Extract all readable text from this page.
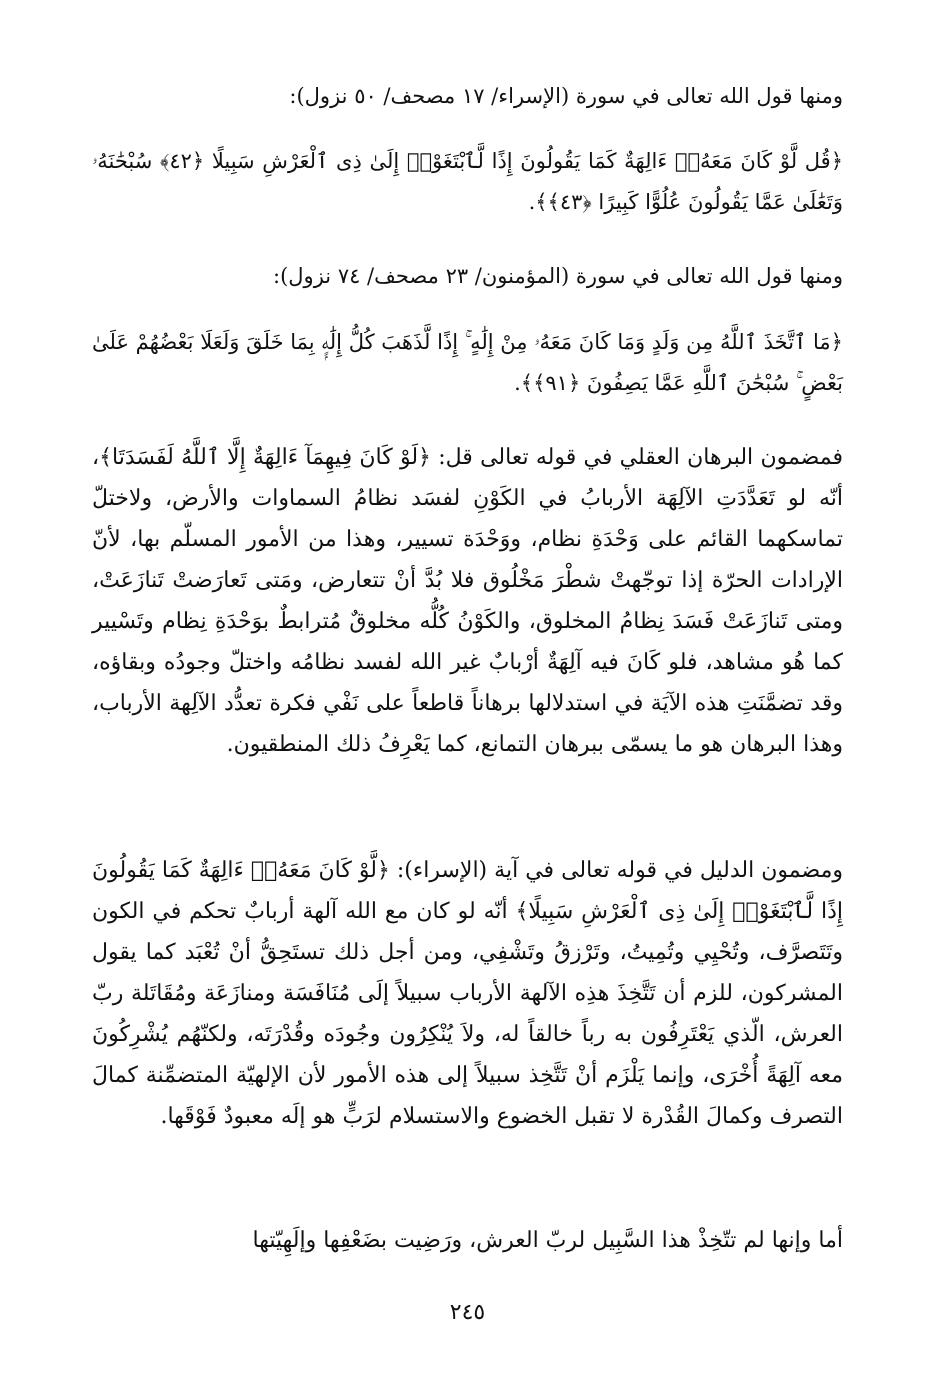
ومنها قول الله تعالى في سورة (الإسراء/ ١٧ مصحف/ ٥٠ نزول):
﴿قُل لَّوْ كَانَ مَعَهُۥٓ ءَالِهَةٌ كَمَا يَقُولُونَ إِذًا لَّٱبْتَغَوْا۟ إِلَىٰ ذِى ٱلْعَرْشِ سَبِيلًا ﴿٤٢﴾ سُبْحَٰنَهُۥ وَتَعَٰلَىٰ عَمَّا يَقُولُونَ عُلُوًّا كَبِيرًا ﴿٤٣﴾﴾.
ومنها قول الله تعالى في سورة (المؤمنون/ ٢٣ مصحف/ ٧٤ نزول):
﴿مَا ٱتَّخَذَ ٱللَّهُ مِن وَلَدٍ وَمَا كَانَ مَعَهُۥ مِنْ إِلَٰهٍ ۚ إِذًا لَّذَهَبَ كُلُّ إِلَٰهٍۭ بِمَا خَلَقَ وَلَعَلَا بَعْضُهُمْ عَلَىٰ بَعْضٍ ۚ سُبْحَٰنَ ٱللَّهِ عَمَّا يَصِفُونَ ﴿٩١﴾﴾.
فمضمون البرهان العقلي في قوله تعالى قل: ﴿لَوْ كَانَ فِيهِمَآ ءَالِهَةٌ إِلَّا ٱللَّهُ لَفَسَدَتَا﴾، أنّه لو تَعَدَّدَتِ الآلِهَة الأربابُ في الكَوْنِ لفسَد نظامُ السماوات والأرض، ولاختلّ تماسكهما القائم على وَحْدَةِ نظام، ووَحْدَة تسيير، وهذا من الأمور المسلّم بها، لأنّ الإرادات الحرّة إذا توجّهتْ شطْرَ مَخْلُوق فلا بُدَّ أنْ تتعارض، ومَتى تَعارَضتْ تَنازَعَتْ، ومتى تَنازَعَتْ فَسَدَ نِظامُ المخلوق، والكَوْنُ كُلُّه مخلوقٌ مُترابطٌ بوَحْدَةِ نِظام وتَسْيير كما هُو مشاهد، فلو كَانَ فيه آلِهَةٌ أرْبابٌ غير الله لفسد نظامُه واختلّ وجودُه وبقاؤه، وقد تضمَّنَتِ هذه الآيَة في استدلالها برهاناً قاطعاً على نَفْي فكرة تعدُّد الآلِهة الأرباب، وهذا البرهان هو ما يسمّى ببرهان التمانع، كما يَعْرِفُ ذلك المنطقيون.
ومضمون الدليل في قوله تعالى في آية (الإسراء): ﴿لَّوْ كَانَ مَعَهُۥٓ ءَالِهَةٌ كَمَا يَقُولُونَ إِذًا لَّٱبْتَغَوْا۟ إِلَىٰ ذِى ٱلْعَرْشِ سَبِيلًا﴾ أنّه لو كان مع الله آلهة أربابٌ تحكم في الكون وتَتَصرَّف، وتُحْيِي وتُمِيتُ، وتَرْزقُ وتَشْفِي، ومن أجل ذلك تستَحِقُّ أنْ تُعْبَد كما يقول المشركون، للزم أن تَتَّخِذَ هذِه الآلهة الأرباب سبيلاً إلَى مُنَافَسَة ومنازَعَة ومُقَاتَلة ربّ العرش، الّذي يَعْتَرِفُون به رباً خالقاً له، ولاَ يُنْكِرُون وجُودَه وقُدْرَتَه، ولكنّهُم يُشْرِكُونَ معه آلِهَةً أُخْرَى، وإنما يَلْزَم أنْ تَتَّخِذ سبيلاً إلى هذه الأمور لأن الإلهيّة المتضمِّنة كمالَ التصرف وكمالَ القُدْرة لا تقبل الخضوع والاستسلام لرَبٍّ هو إلَه معبودٌ فَوْقَها.
أما وإنها لم تتّخِذْ هذا السَّبِيل لربّ العرش، ورَضِيت بضَعْفِها وإلَهِيّتها
٢٤٥
